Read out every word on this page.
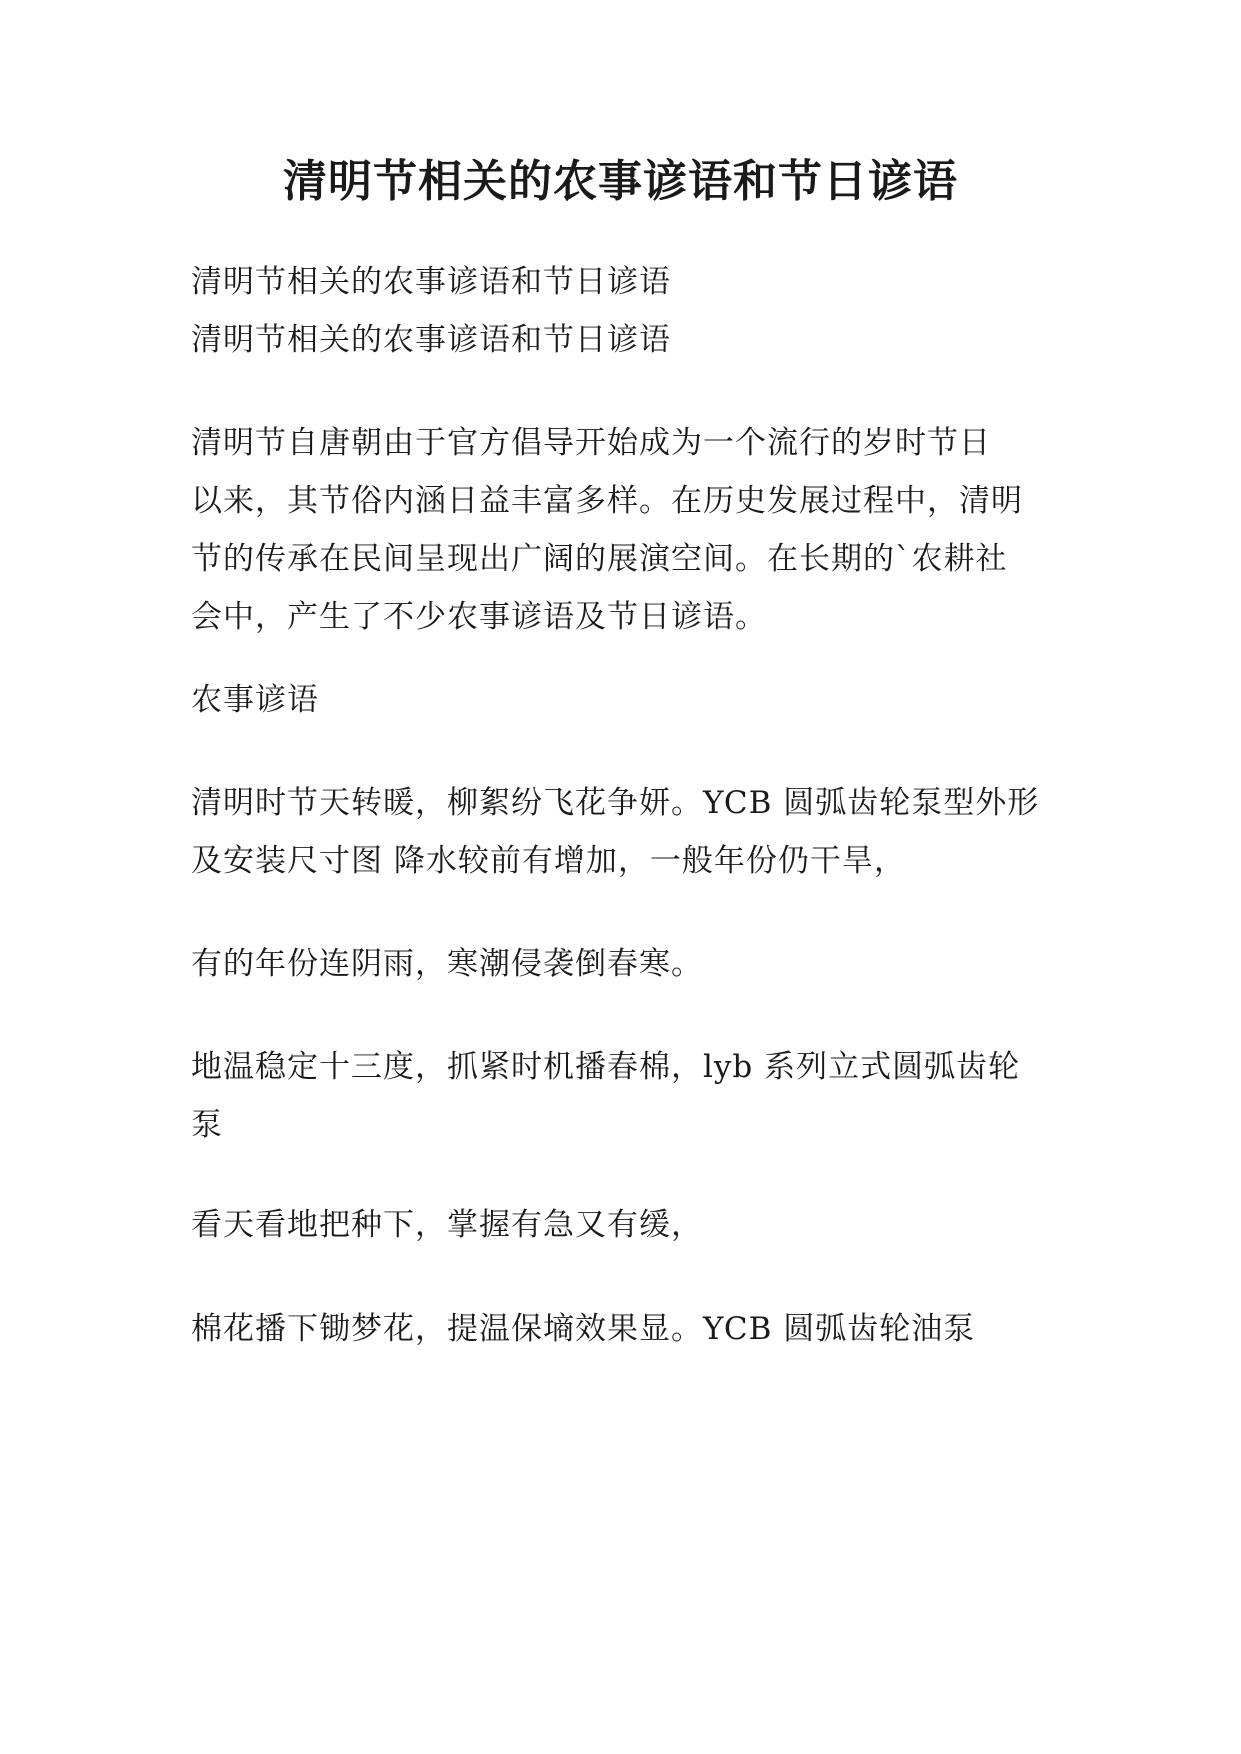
清明节相关的农事谚语和节日谚语
清明节相关的农事谚语和节日谚语
清明节相关的农事谚语和节日谚语
清明节自唐朝由于官方倡导开始成为一个流行的岁时节日
以来，其节俗内涵日益丰富多样。在历史发展过程中，清明
节的传承在民间呈现出广阔的展演空间。在长期的`农耕社
会中，产生了不少农事谚语及节日谚语。
农事谚语
清明时节天转暖，柳絮纷飞花争妍。YCB 圆弧齿轮泵型外形
及安装尺寸图 降水较前有增加，一般年份仍干旱，
有的年份连阴雨，寒潮侵袭倒春寒。
地温稳定十三度，抓紧时机播春棉，lyb 系列立式圆弧齿轮
泵
看天看地把种下，掌握有急又有缓，
棉花播下锄梦花，提温保墒效果显。YCB 圆弧齿轮油泵
